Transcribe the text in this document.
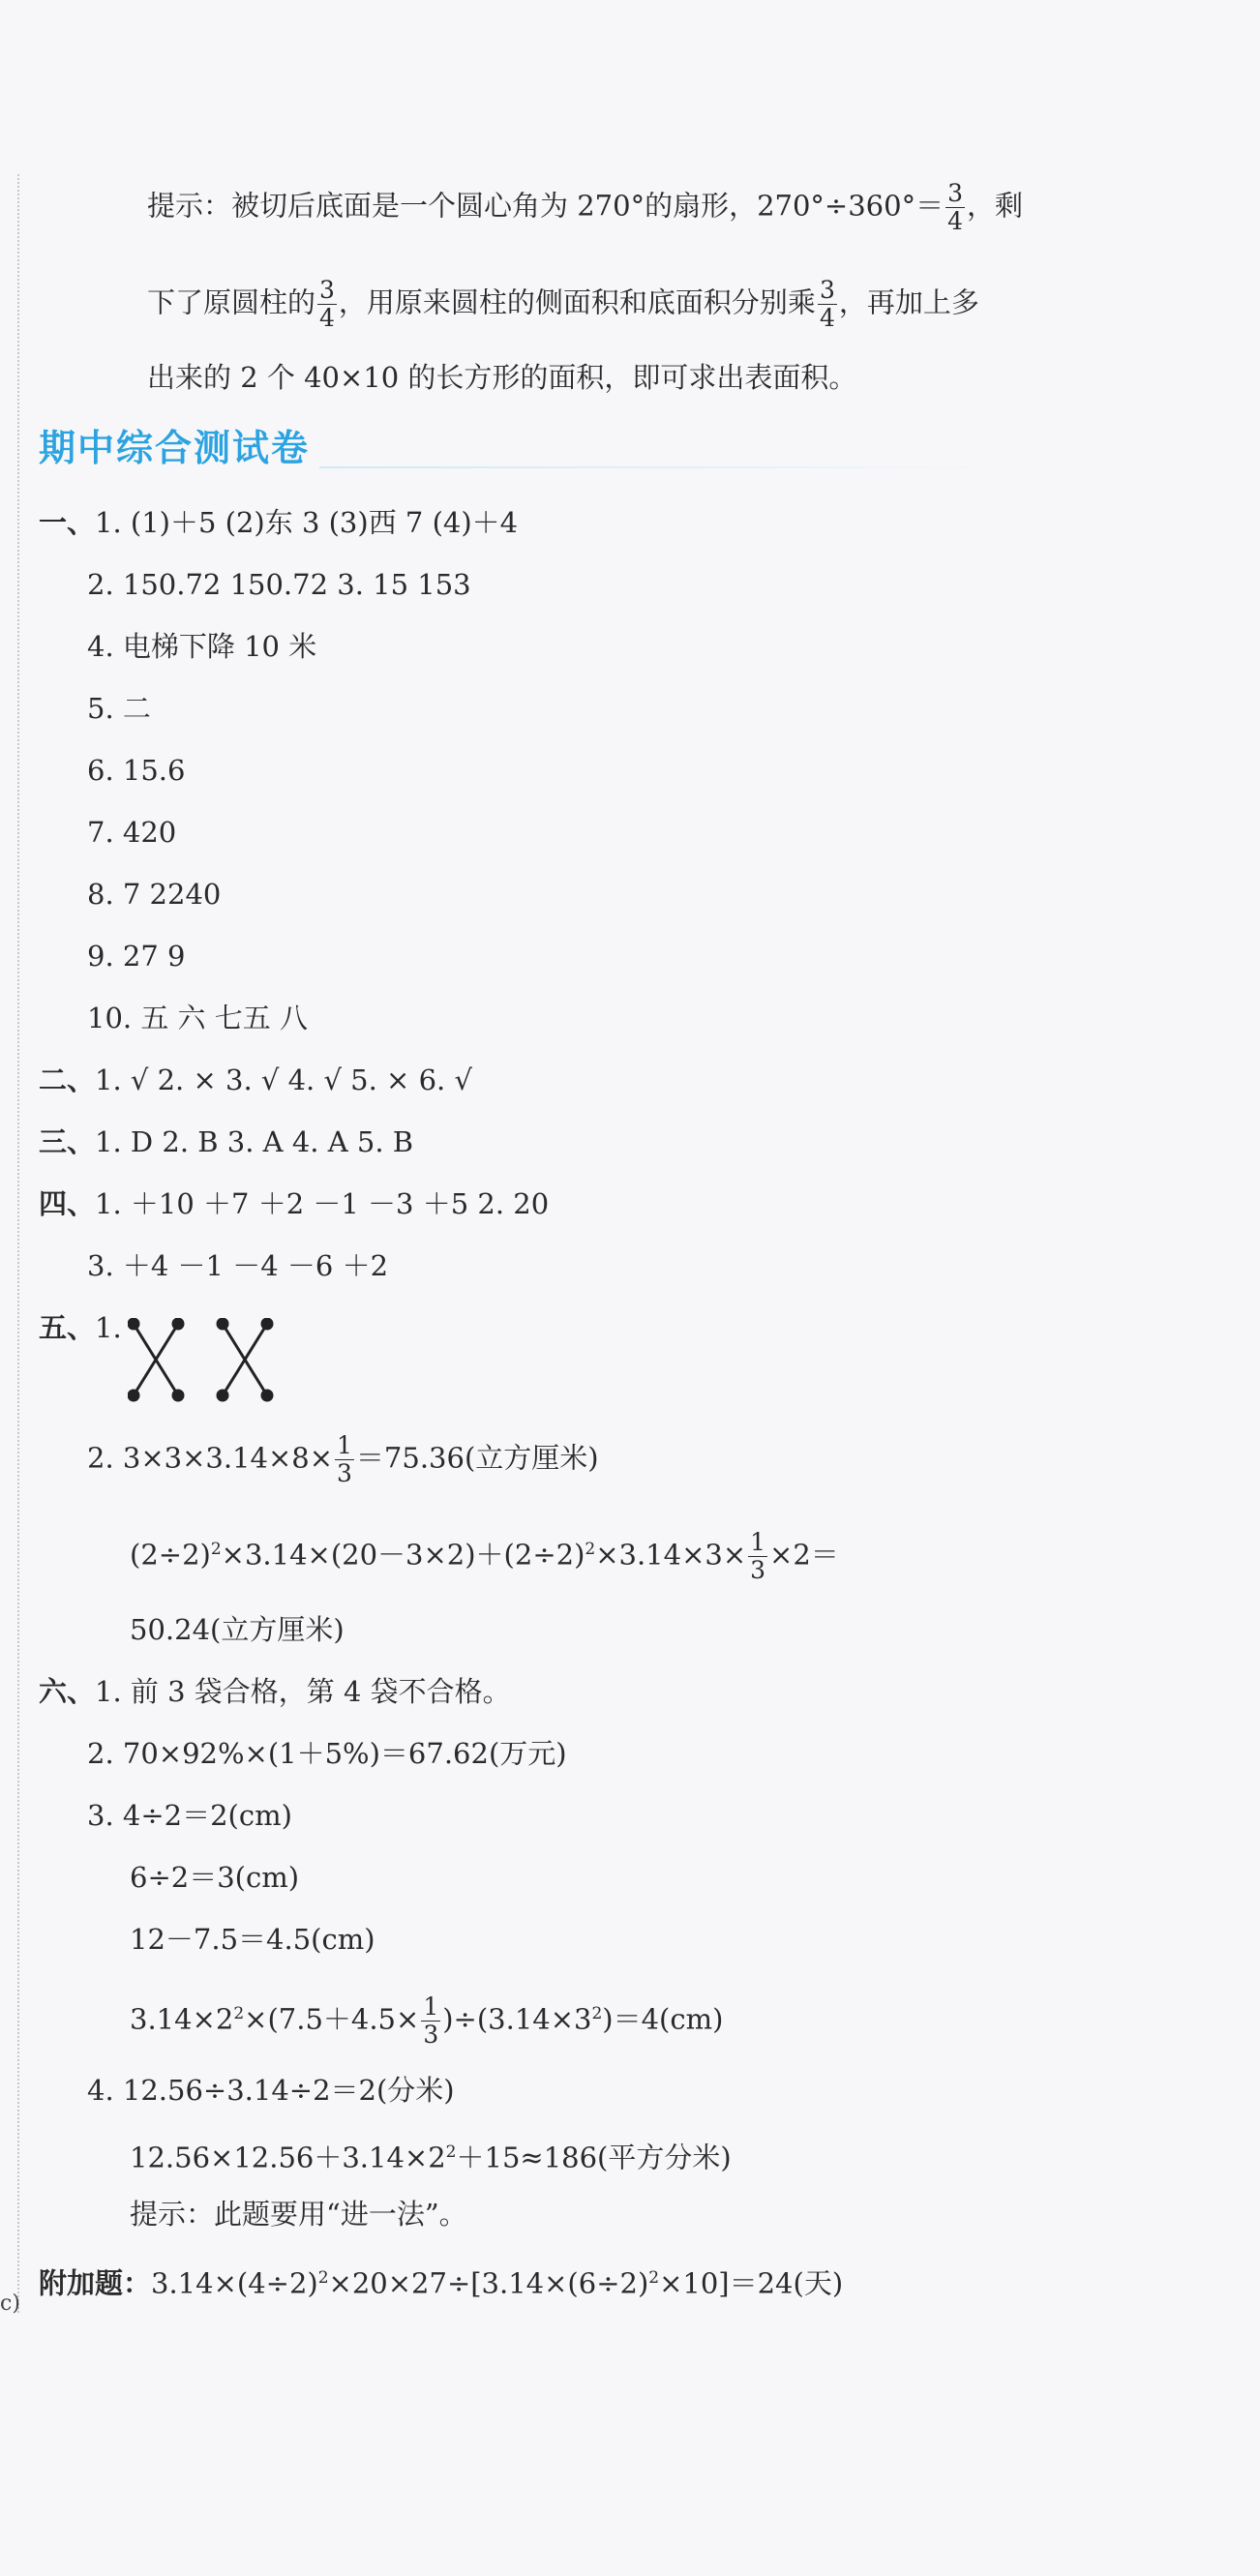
c)
提示：被切后底面是一个圆心角为 270°的扇形，$270^\circ\div 360^\circ= \frac{3}{4}$ ，剩
下了原圆柱的 $\frac{3}{4}$ ，用原来圆柱的侧面积和底面积分别乘 $\frac{3}{4}$ ，再加上多
出来的 2 个 40×10 的长方形的面积，即可求出表面积。
期中综合测试卷
一、1. (1)＋5 (2)东 3 (3)西 7 (4)＋4
2. 150.72 150.72 3. 15 153
4. 电梯下降 10 米
5. 二
6. 15.6
7. 420
8. 7 2240
9. 27 9
10. 五 六 七五 八
二、1. √ 2. × 3. √ 4. √ 5. × 6. √
三、1. D 2. B 3. A 4. A 5. B
四、1. ＋10 ＋7 ＋2 －1 －3 ＋5 2. 20
3. ＋4 －1 －4 －6 ＋2
五、1.
2. $3\times 3\times 3.14\times 8\times \frac{1}{3} =75.36$(立方厘米)
$(2\div 2)^2\times 3.14\times(20-3\times 2)+(2\div 2)^2\times 3.14\times 3\times \frac{1}{3} \times 2=$
50.24(立方厘米)
六、1. 前 3 袋合格，第 4 袋不合格。
2. 70×92%×(1＋5%)＝67.62(万元)
3. 4÷2＝2(cm)
6÷2＝3(cm)
12－7.5＝4.5(cm)
$3.14\times 2^2\times(7.5+4.5\times \frac{1}{3} )\div(3.14\times 3^2)=4(cm)$
4. 12.56÷3.14÷2＝2(分米)
$12.56\times 12.56+3.14\times 2^2+15\approx 186$(平方分米)
提示：此题要用“进一法”。
附加题：$3.14\times(4\div 2)^2\times 20\times 27\div[3.14\times(6\div 2)^2\times 10]=24$(天)
